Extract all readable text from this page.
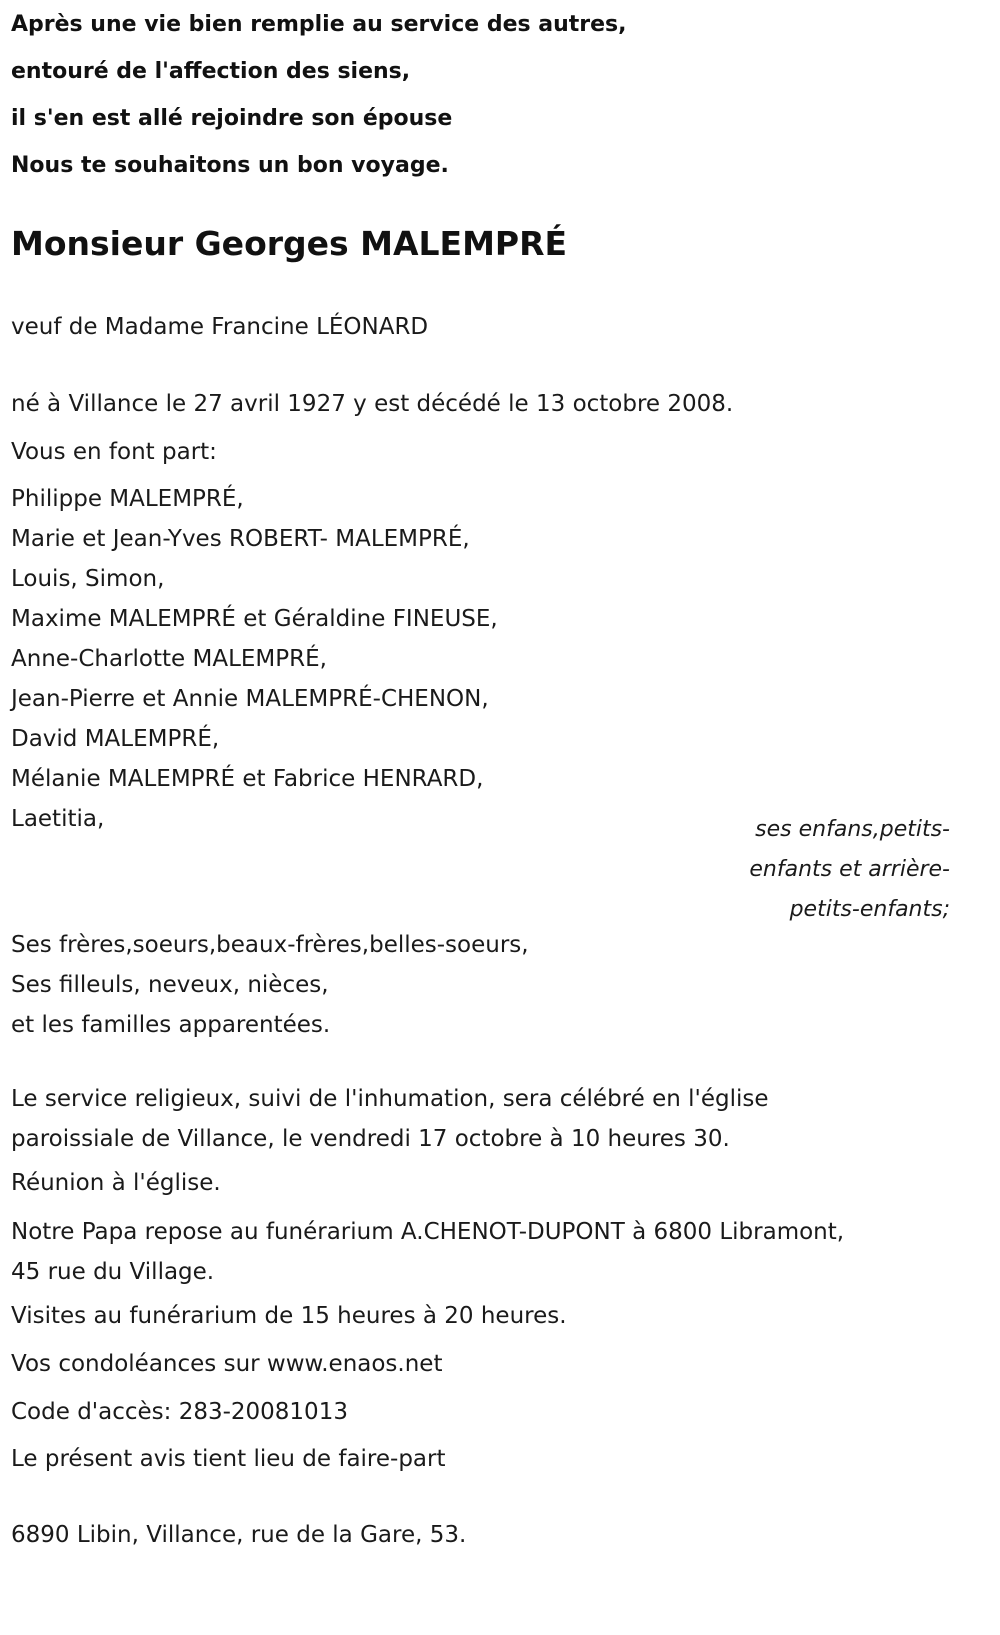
Après une vie bien remplie au service des autres,
entouré de l'affection des siens,
il s'en est allé rejoindre son épouse
Nous te souhaitons un bon voyage.
Monsieur Georges MALEMPRÉ
veuf de Madame Francine LÉONARD
né à Villance le 27 avril 1927 y est décédé le 13 octobre 2008.
Vous en font part:
Philippe MALEMPRÉ,
Marie et Jean-Yves ROBERT- MALEMPRÉ,
Louis, Simon,
Maxime MALEMPRÉ et Géraldine FINEUSE,
Anne-Charlotte MALEMPRÉ,
Jean-Pierre et Annie MALEMPRÉ-CHENON,
David MALEMPRÉ,
Mélanie MALEMPRÉ et Fabrice HENRARD,
Laetitia,	ses enfans,petits-
enfants et arrière-
petits-enfants;
Ses frères,soeurs,beaux-frères,belles-soeurs,
Ses filleuls, neveux, nièces,
et les familles apparentées.
Le service religieux, suivi de l'inhumation, sera célébré en l'église
paroissiale de Villance, le vendredi 17 octobre à 10 heures 30.
Réunion à l'église.
Notre Papa repose au funérarium A.CHENOT-DUPONT à 6800 Libramont,
45 rue du Village.
Visites au funérarium de 15 heures à 20 heures.
Vos condoléances sur www.enaos.net
Code d'accès: 283-20081013
Le présent avis tient lieu de faire-part
6890 Libin, Villance, rue de la Gare, 53.
